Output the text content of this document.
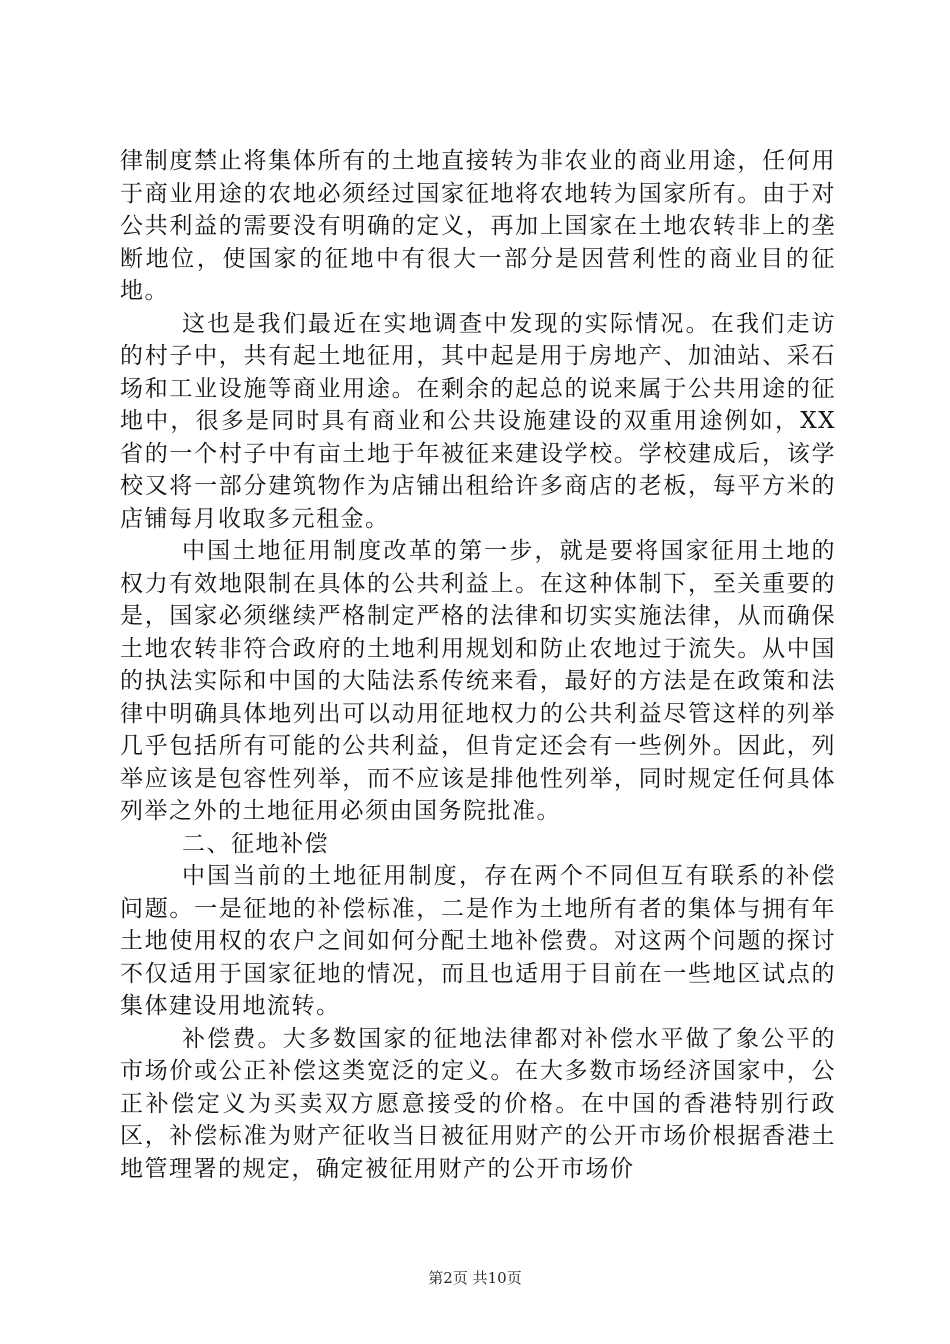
律制度禁止将集体所有的土地直接转为非农业的商业用途，任何用于商业用途的农地必须经过国家征地将农地转为国家所有。由于对公共利益的需要没有明确的定义，再加上国家在土地农转非上的垄断地位，使国家的征地中有很大一部分是因营利性的商业目的征地。

这也是我们最近在实地调查中发现的实际情况。在我们走访的村子中，共有起土地征用，其中起是用于房地产、加油站、采石场和工业设施等商业用途。在剩余的起总的说来属于公共用途的征地中，很多是同时具有商业和公共设施建设的双重用途例如，XX省的一个村子中有亩土地于年被征来建设学校。学校建成后，该学校又将一部分建筑物作为店铺出租给许多商店的老板，每平方米的店铺每月收取多元租金。

中国土地征用制度改革的第一步，就是要将国家征用土地的权力有效地限制在具体的公共利益上。在这种体制下，至关重要的是，国家必须继续严格制定严格的法律和切实实施法律，从而确保土地农转非符合政府的土地利用规划和防止农地过于流失。从中国的执法实际和中国的大陆法系传统来看，最好的方法是在政策和法律中明确具体地列出可以动用征地权力的公共利益尽管这样的列举几乎包括所有可能的公共利益，但肯定还会有一些例外。因此，列举应该是包容性列举，而不应该是排他性列举，同时规定任何具体列举之外的土地征用必须由国务院批准。

二、征地补偿

中国当前的土地征用制度，存在两个不同但互有联系的补偿问题。一是征地的补偿标准，二是作为土地所有者的集体与拥有年土地使用权的农户之间如何分配土地补偿费。对这两个问题的探讨不仅适用于国家征地的情况，而且也适用于目前在一些地区试点的集体建设用地流转。

补偿费。大多数国家的征地法律都对补偿水平做了象公平的市场价或公正补偿这类宽泛的定义。在大多数市场经济国家中，公正补偿定义为买卖双方愿意接受的价格。在中国的香港特别行政区，补偿标准为财产征收当日被征用财产的公开市场价根据香港土地管理署的规定，确定被征用财产的公开市场价

第2页 共10页
